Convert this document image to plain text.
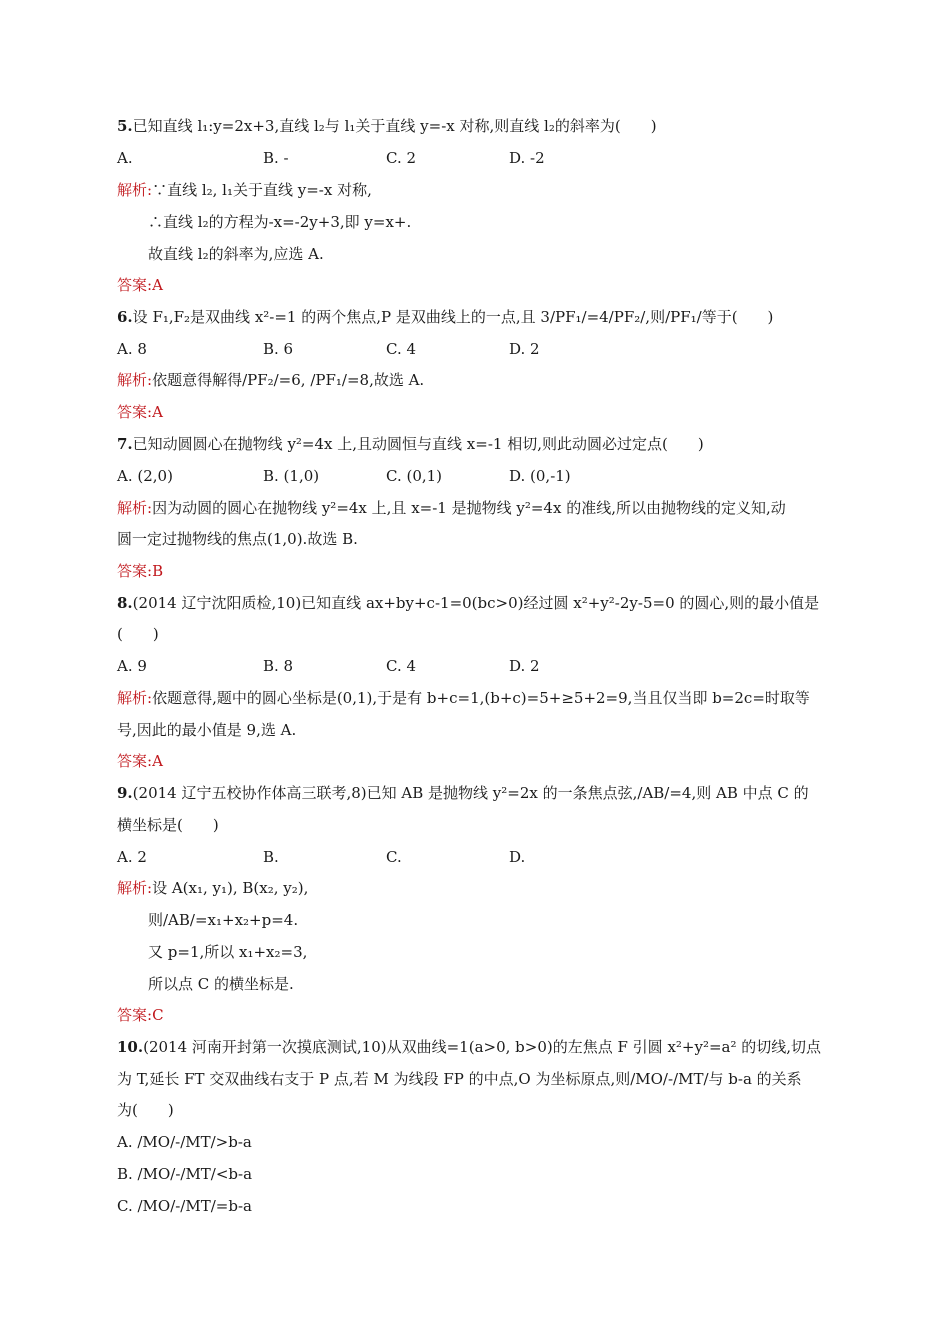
5.已知直线 l₁:y=2x+3,直线 l₂与 l₁关于直线 y=-x 对称,则直线 l₂的斜率为(　　)
A.	B. -	C. 2	D. -2
解析:∵直线 l₂, l₁关于直线 y=-x 对称,
∴直线 l₂的方程为-x=-2y+3,即 y=x+.
故直线 l₂的斜率为,应选 A.
答案:A
6.设 F₁,F₂是双曲线 x²-=1 的两个焦点,P 是双曲线上的一点,且 3/PF₁/=4/PF₂/,则/PF₁/等于(　　)
A. 8	B. 6	C. 4	D. 2
解析:依题意得解得/PF₂/=6, /PF₁/=8,故选 A.
答案:A
7.已知动圆圆心在抛物线 y²=4x 上,且动圆恒与直线 x=-1 相切,则此动圆必过定点(　　)
A. (2,0)	B. (1,0)	C. (0,1)	D. (0,-1)
解析:因为动圆的圆心在抛物线 y²=4x 上,且 x=-1 是抛物线 y²=4x 的准线,所以由抛物线的定义知,动
圆一定过抛物线的焦点(1,0).故选 B.
答案:B
8.(2014 辽宁沈阳质检,10)已知直线 ax+by+c-1=0(bc>0)经过圆 x²+y²-2y-5=0 的圆心,则的最小值是
(　　)
A. 9	B. 8	C. 4	D. 2
解析:依题意得,题中的圆心坐标是(0,1),于是有 b+c=1,(b+c)=5+≥5+2=9,当且仅当即 b=2c=时取等
号,因此的最小值是 9,选 A.
答案:A
9.(2014 辽宁五校协作体高三联考,8)已知 AB 是抛物线 y²=2x 的一条焦点弦,/AB/=4,则 AB 中点 C 的
横坐标是(　　)
A. 2	B.	C.	D.
解析:设 A(x₁, y₁), B(x₂, y₂),
则/AB/=x₁+x₂+p=4.
又 p=1,所以 x₁+x₂=3,
所以点 C 的横坐标是.
答案:C
10.(2014 河南开封第一次摸底测试,10)从双曲线=1(a>0, b>0)的左焦点 F 引圆 x²+y²=a² 的切线,切点
为 T,延长 FT 交双曲线右支于 P 点,若 M 为线段 FP 的中点,O 为坐标原点,则/MO/-/MT/与 b-a 的关系
为(　　)
A. /MO/-/MT/>b-a
B. /MO/-/MT/<b-a
C. /MO/-/MT/=b-a
